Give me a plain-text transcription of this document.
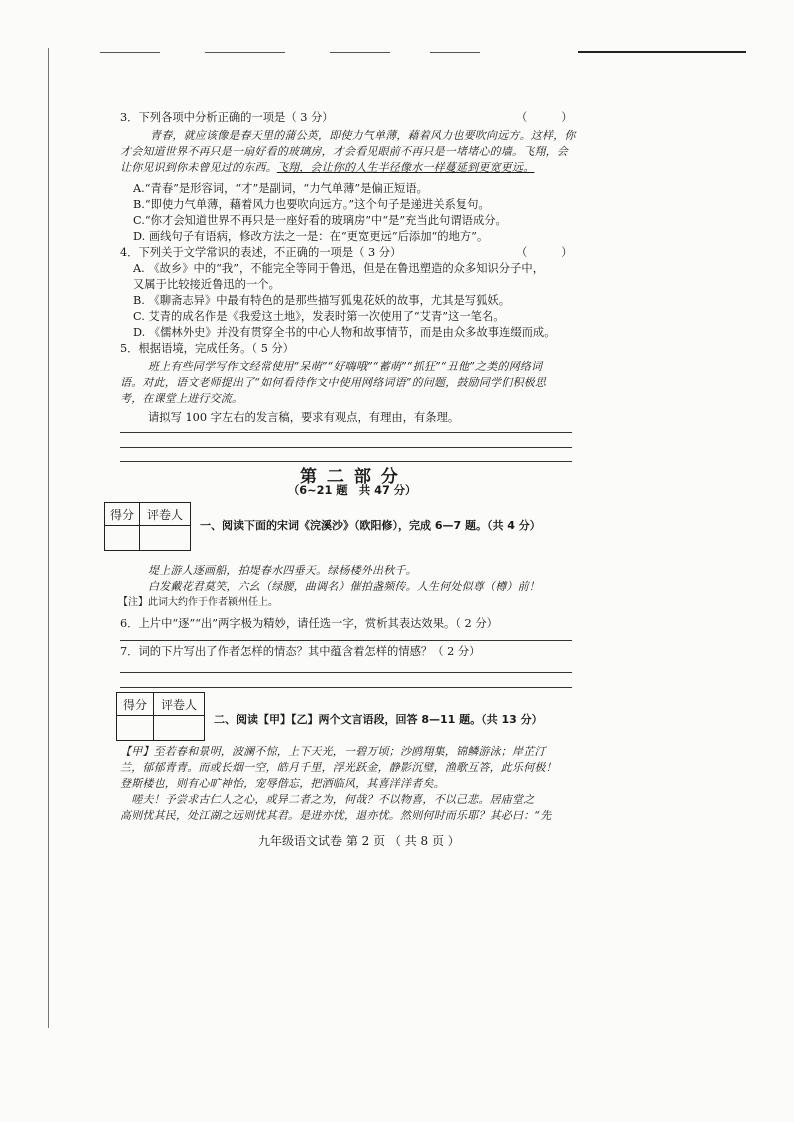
3．下列各项中分析正确的一项是（ 3 分）	（　　　）
青春，就应该像是春天里的蒲公英，即使力气单薄，藉着风力也要吹向远方。这样，你
才会知道世界不再只是一扇好看的玻璃房，才会看见眼前不再只是一堵堵心的墙。飞翔，会
让你见识到你未曾见过的东西。飞翔，会让你的人生半径像水一样蔓延到更宽更远。
A.“青春”是形容词，“才”是副词，“力气单薄”是偏正短语。
B.“即使力气单薄，藉着风力也要吹向远方。”这个句子是递进关系复句。
C.“你才会知道世界不再只是一座好看的玻璃房”中“是”充当此句谓语成分。
D. 画线句子有语病，修改方法之一是：在“更宽更远”后添加“的地方”。
4．下列关于文学常识的表述，不正确的一项是（ 3 分）	（　　　）
A. 《故乡》中的“我”，不能完全等同于鲁迅，但是在鲁迅塑造的众多知识分子中，
又属于比较接近鲁迅的一个。
B. 《聊斋志异》中最有特色的是那些描写狐鬼花妖的故事，尤其是写狐妖。
C. 艾青的成名作是《我爱这土地》，发表时第一次使用了“艾青”这一笔名。
D. 《儒林外史》并没有贯穿全书的中心人物和故事情节，而是由众多故事连缀而成。
5．根据语境，完成任务。（ 5 分）
班上有些同学写作文经常使用“呆萌”“好嗨哦”“蓄萌”“抓狂”“丑他”之类的网络词
语。对此，语文老师提出了“如何看待作文中使用网络词语”的问题，鼓励同学们积极思
考，在课堂上进行交流。
请拟写 100 字左右的发言稿，要求有观点，有理由，有条理。
第 二 部 分
（6~21 题　共 47 分）
得分	评卷人

一、阅读下面的宋词《浣溪沙》（欧阳修），完成 6—7 题。（共 4 分）
堤上游人逐画船，拍堤春水四垂天。绿杨楼外出秋千。
白发戴花君莫笑，六幺（绿腰，曲调名）催拍盏频传。人生何处似尊（樽）前！
【注】此词大约作于作者颍州任上。
6．上片中“逐”“出”两字极为精妙，请任选一字，赏析其表达效果。（ 2 分）
7．词的下片写出了作者怎样的情态？其中蕴含着怎样的情感？（ 2 分）
得分	评卷人

二、阅读【甲】【乙】两个文言语段，回答 8—11 题。（共 13 分）
【甲】至若春和景明，波澜不惊，上下天光，一碧万顷；沙鸥翔集，锦鳞游泳；岸芷汀
兰，郁郁青青。而或长烟一空，皓月千里，浮光跃金，静影沉璧，渔歌互答，此乐何极！
登斯楼也，则有心旷神怡，宠辱偕忘，把酒临风，其喜洋洋者矣。
　嗟夫！予尝求古仁人之心，或异二者之为，何哉？不以物喜，不以己悲。居庙堂之
高则忧其民，处江湖之远则忧其君。是进亦忧，退亦忧。然则何时而乐耶？其必曰：“先
九年级语文试卷 第 2 页 （ 共 8 页 ）
